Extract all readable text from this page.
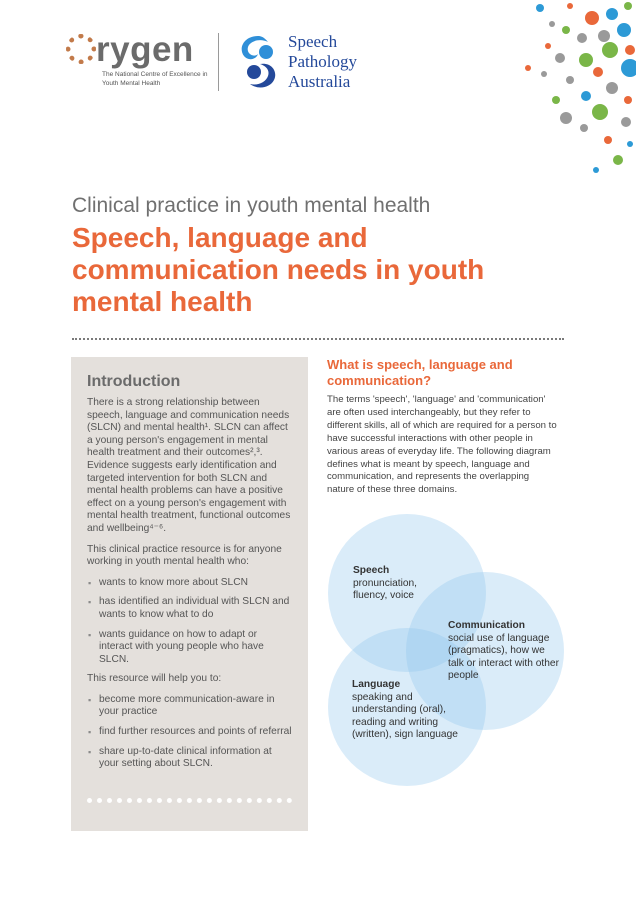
rygen
The National Centre of Excellence in Youth Mental Health
Speech
Pathology
Australia
Clinical practice in youth mental health
Speech, language and communication needs in youth mental health
Introduction

There is a strong relationship between speech, language and communication needs (SLCN) and mental health¹. SLCN can affect a young person's engagement in mental health treatment and their outcomes²,³. Evidence suggests early identification and targeted intervention for both SLCN and mental health problems can have a positive effect on a young person's engagement with mental health treatment, functional outcomes and wellbeing⁴⁻⁶.

This clinical practice resource is for anyone working in youth mental health who:

▪ wants to know more about SLCN
▪ has identified an individual with SLCN and wants to know what to do
▪ wants guidance on how to adapt or interact with young people who have SLCN.

This resource will help you to:

▪ become more communication-aware in your practice
▪ find further resources and points of referral
▪ share up-to-date clinical information at your setting about SLCN.
What is speech, language and communication?
The terms 'speech', 'language' and 'communication' are often used interchangeably, but they refer to different skills, all of which are required for a person to have successful interactions with other people in various areas of everyday life. The following diagram defines what is meant by speech, language and communication, and represents the overlapping nature of these three domains.
Speech
pronunciation, fluency, voice
Communication
social use of language (pragmatics), how we talk or interact with other people
Language
speaking and understanding (oral), reading and writing (written), sign language
